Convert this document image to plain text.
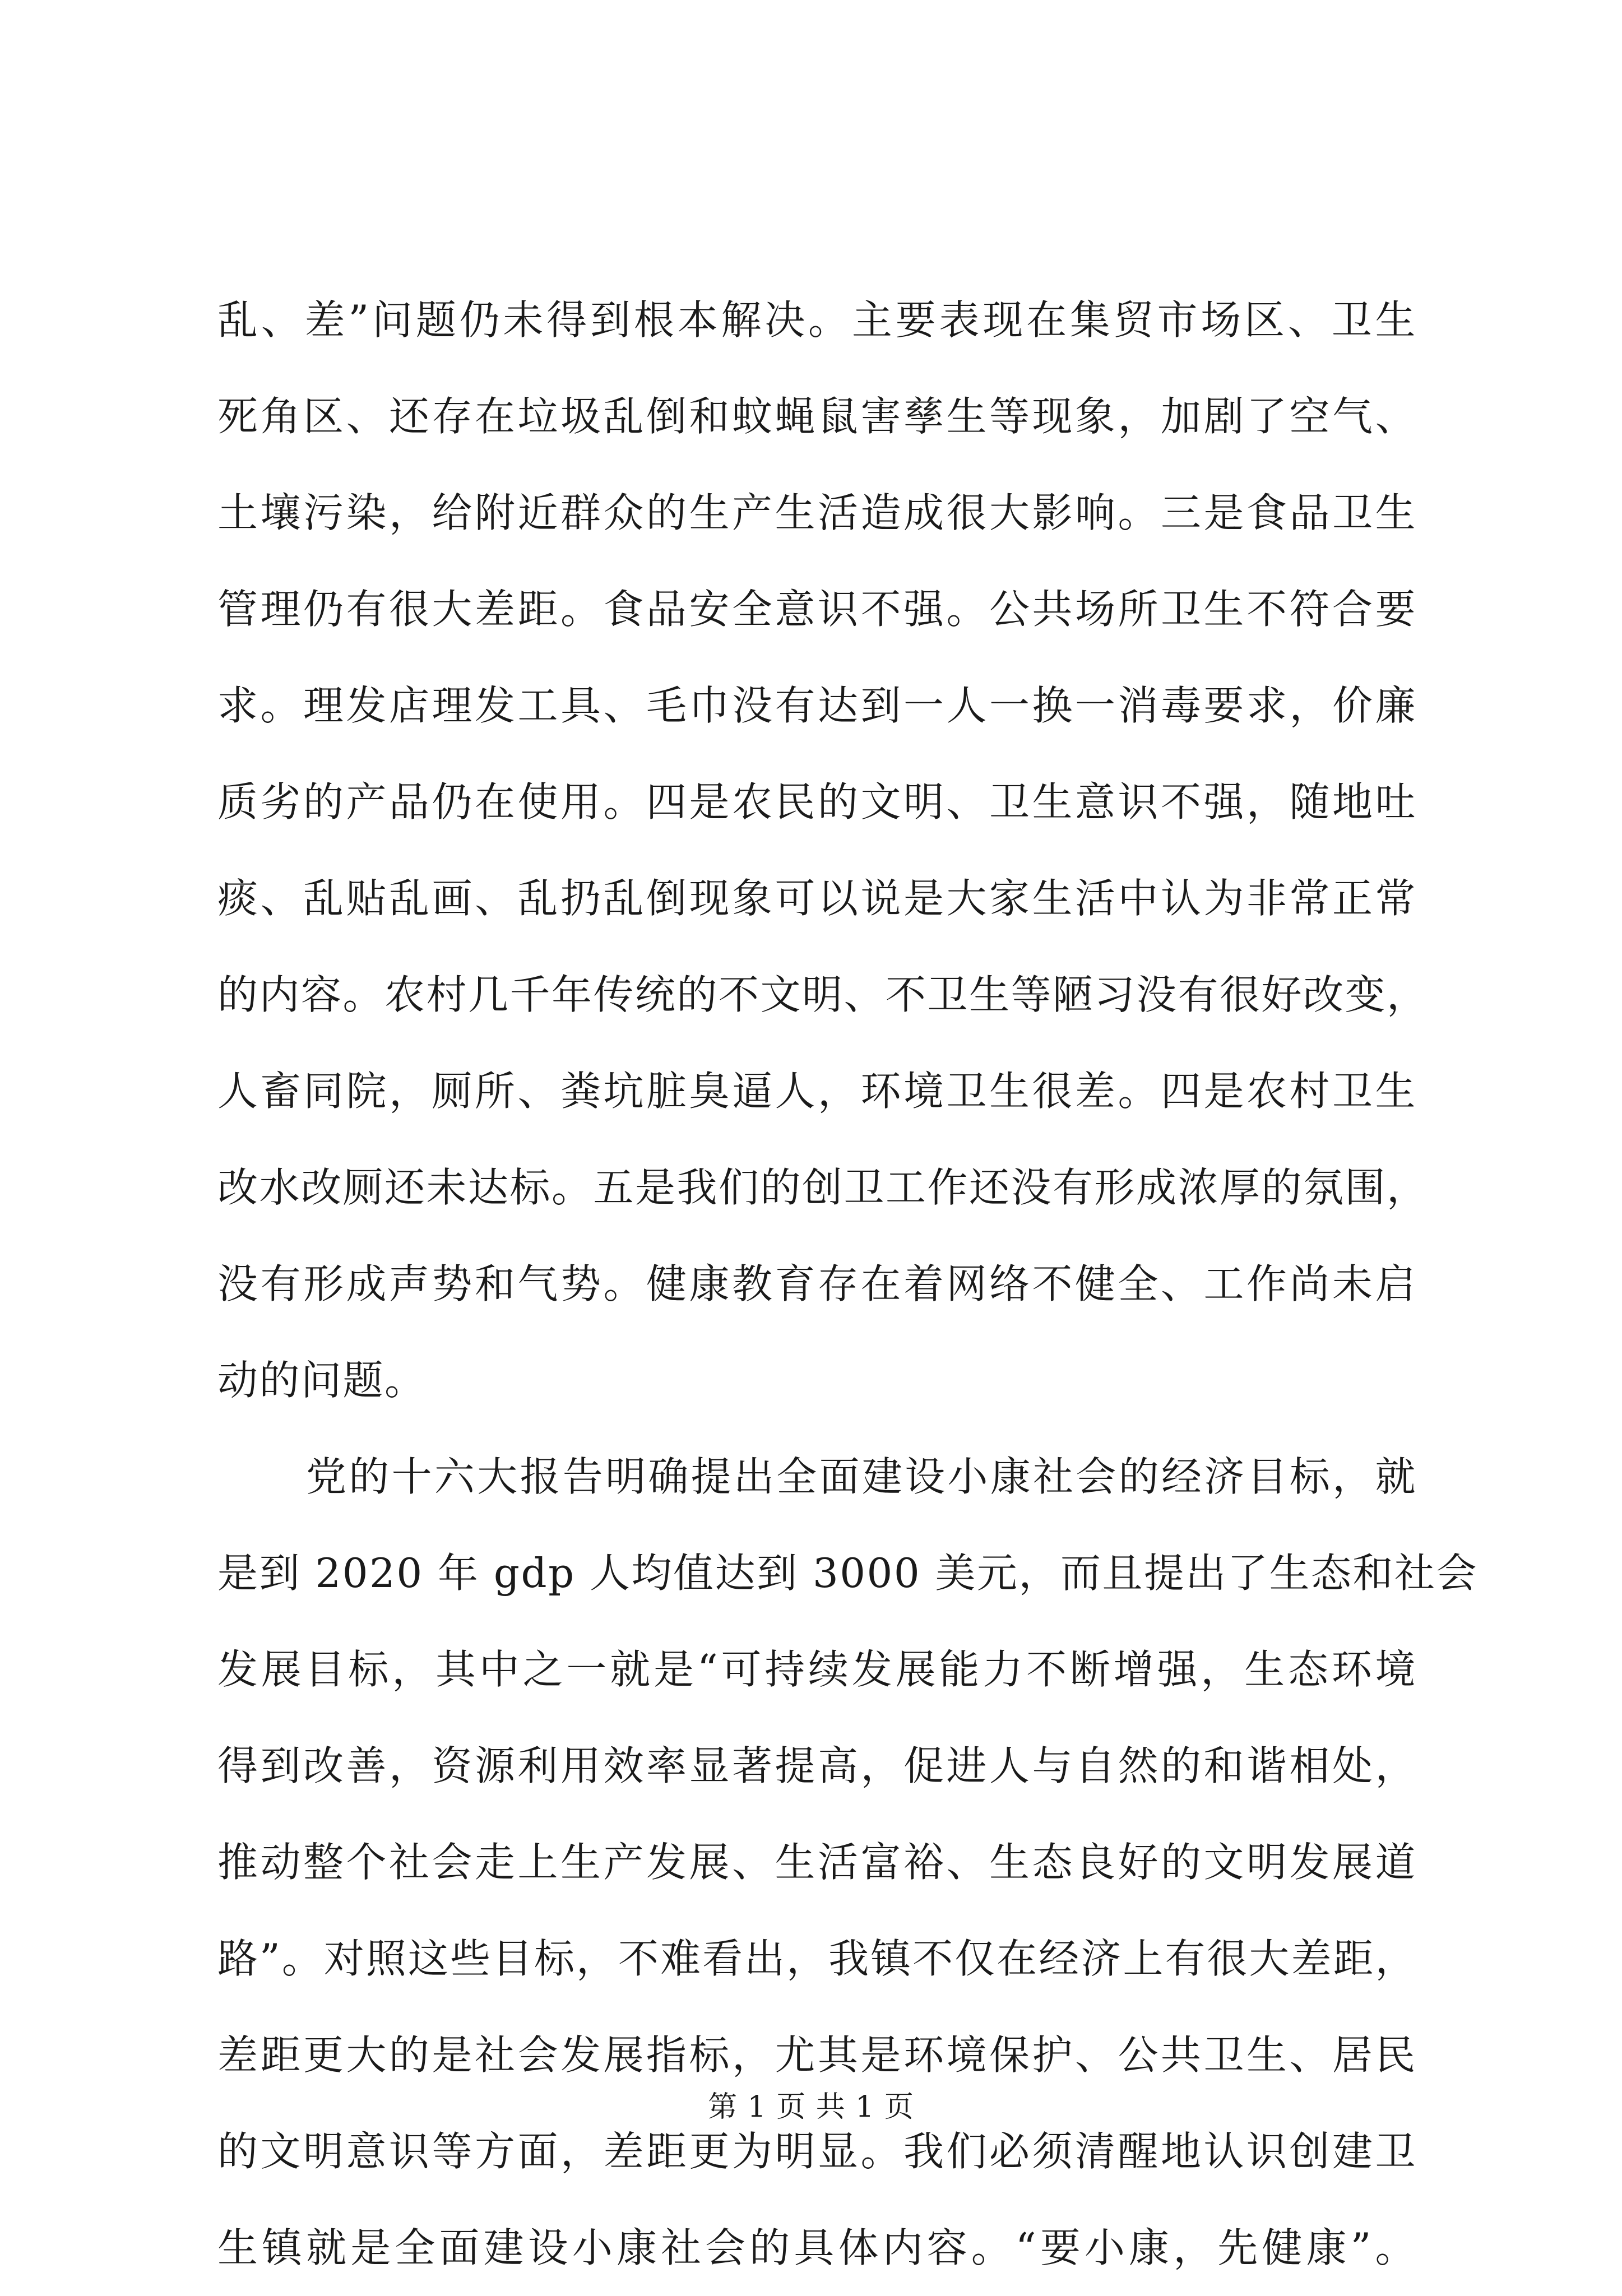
乱、差”问题仍未得到根本解决。主要表现在集贸市场区、卫生
死角区、还存在垃圾乱倒和蚊蝇鼠害孳生等现象，加剧了空气、
土壤污染，给附近群众的生产生活造成很大影响。三是食品卫生
管理仍有很大差距。食品安全意识不强。公共场所卫生不符合要
求。理发店理发工具、毛巾没有达到一人一换一消毒要求，价廉
质劣的产品仍在使用。四是农民的文明、卫生意识不强，随地吐
痰、乱贴乱画、乱扔乱倒现象可以说是大家生活中认为非常正常
的内容。农村几千年传统的不文明、不卫生等陋习没有很好改变，
人畜同院，厕所、粪坑脏臭逼人，环境卫生很差。四是农村卫生
改水改厕还未达标。五是我们的创卫工作还没有形成浓厚的氛围，
没有形成声势和气势。健康教育存在着网络不健全、工作尚未启
动的问题。
党的十六大报告明确提出全面建设小康社会的经济目标，就
是到 2020 年 gdp 人均值达到 3000 美元，而且提出了生态和社会
发展目标，其中之一就是“可持续发展能力不断增强，生态环境
得到改善，资源利用效率显著提高，促进人与自然的和谐相处，
推动整个社会走上生产发展、生活富裕、生态良好的文明发展道
路”。对照这些目标，不难看出，我镇不仅在经济上有很大差距，
差距更大的是社会发展指标，尤其是环境保护、公共卫生、居民
的文明意识等方面，差距更为明显。我们必须清醒地认识创建卫
生镇就是全面建设小康社会的具体内容。“要小康，先健康”。
第 1 页 共 1 页
